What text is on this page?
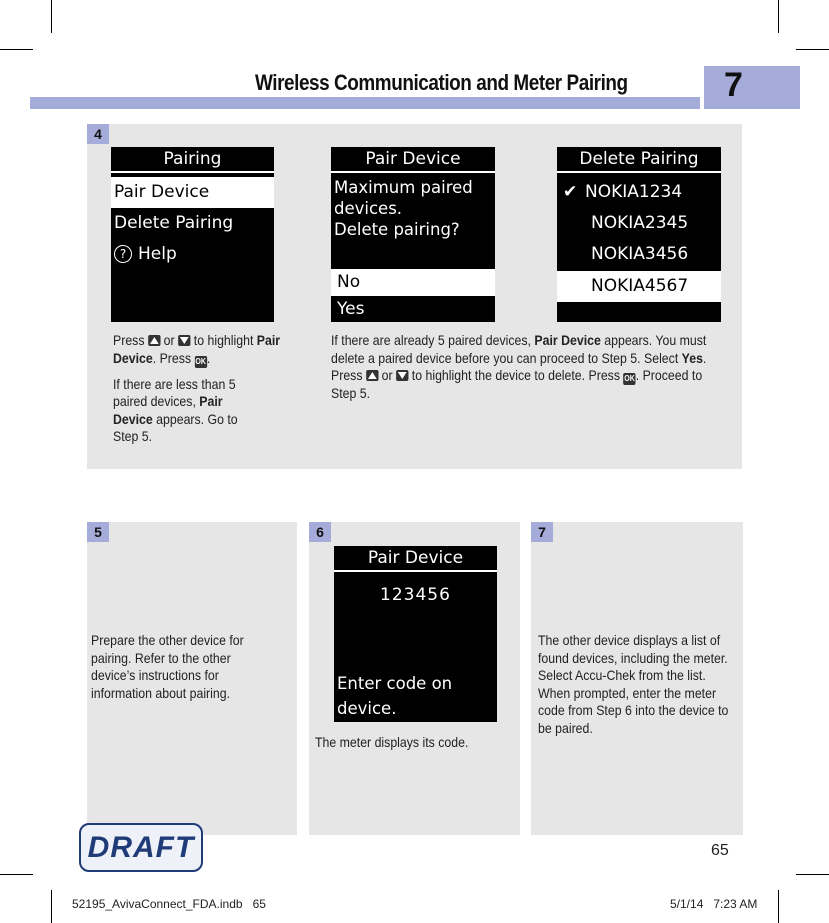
Wireless Communication and Meter Pairing	7
4
Pairing
Pair Device
Delete Pairing
? Help
Pair Device
Maximum paired
devices.
Delete pairing?
No
Yes
Delete Pairing
✔ NOKIA1234
NOKIA2345
NOKIA3456
NOKIA4567

Press or to highlight Pair Device. Press OK.

If there are less than 5 paired devices, Pair Device appears. Go to Step 5.

If there are already 5 paired devices, Pair Device appears. You must delete a paired device before you can proceed to Step 5. Select Yes. Press or to highlight the device to delete. Press OK. Proceed to Step 5.
5
Prepare the other device for pairing. Refer to the other device’s instructions for information about pairing.
6
Pair Device
123456
Enter code on
device.
The meter displays its code.
7
The other device displays a list of found devices, including the meter. Select Accu-Chek from the list. When prompted, enter the meter code from Step 6 into the device to be paired.
DRAFT	65
52195_AvivaConnect_FDA.indb   65	5/1/14   7:23 AM
